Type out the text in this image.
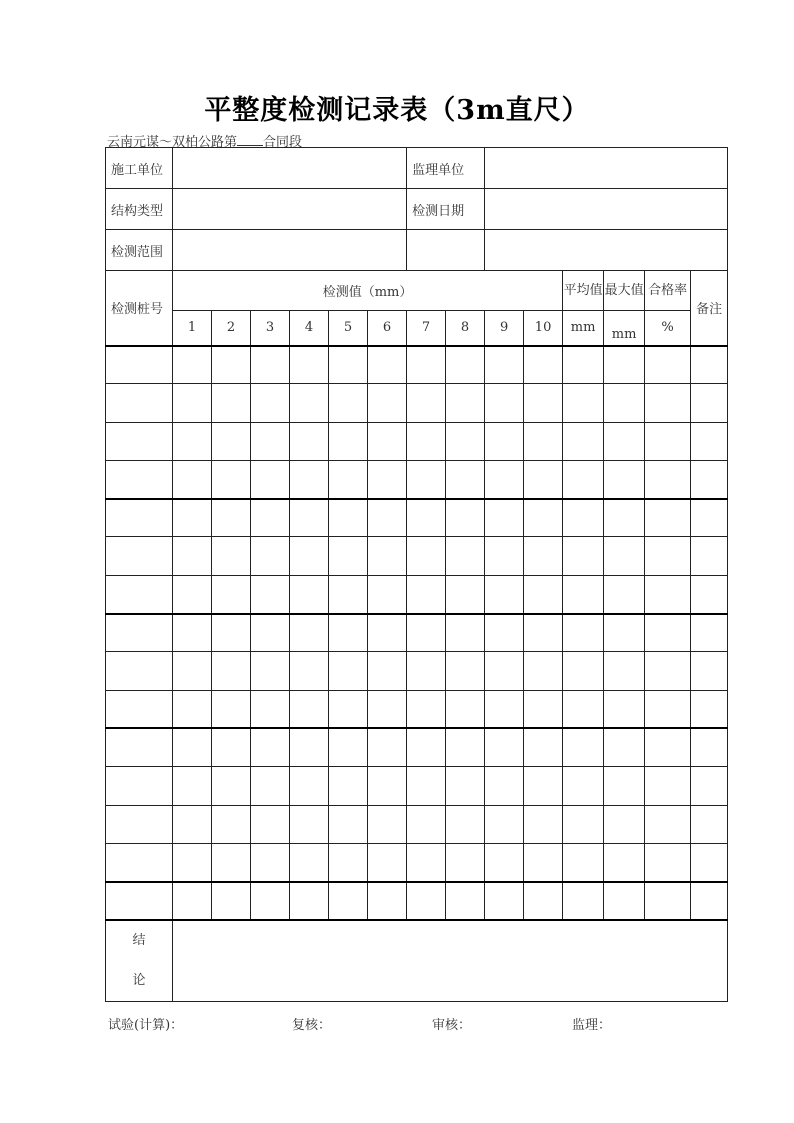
平整度检测记录表（3m直尺）
云南元谋～双柏公路第 合同段
施工单位							监理单位							
结构类型							检测日期							
检测范围														
检测桩号	检测值（mm）										平均值	最大值	合格率	备注
	1	2	3	4	5	6	7	8	9	10	mm	mm	%	

结
论														

试验(计算)：	复核：	审核：	监理：
